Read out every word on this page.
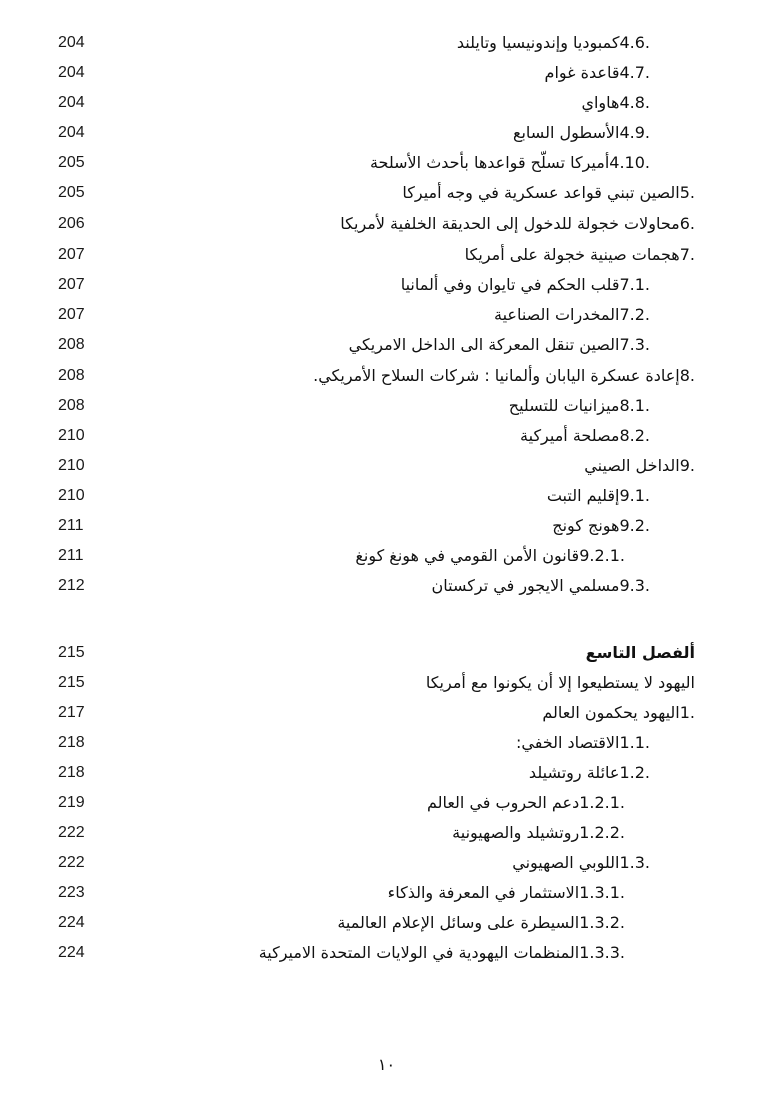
204	4.6.كمبوديا وإندونيسيا وتايلند
204	4.7.قاعدة غوام
204	4.8.هاواي
204	4.9.الأسطول السابع
205	4.10.أميركا تسلّح قواعدها بأحدث الأسلحة
205	5.الصين تبني قواعد عسكرية في وجه أميركا
206	6.محاولات خجولة للدخول إلى الحديقة الخلفية لأمريكا
207	7.هجمات صينية خجولة على أمريكا
207	7.1.قلب الحكم في تايوان وفي ألمانيا
207	7.2.المخدرات الصناعية
208	7.3.الصين تنقل المعركة الى الداخل الامريكي
208	8.إعادة عسكرة اليابان وألمانيا : شركات السلاح الأمريكي.
208	8.1.ميزانيات للتسليح
210	8.2.مصلحة أميركية
210	9.الداخل الصيني
210	9.1.إقليم التبت
211	9.2.هونج كونج
211	9.2.1.قانون الأمن القومي في هونغ كونغ
212	9.3.مسلمي الايجور في تركستان
215	ألفصل التاسع
215	اليهود لا يستطيعوا إلا أن يكونوا مع أمريكا
217	1.اليهود يحكمون العالم
218	1.1.الاقتصاد الخفي:
218	1.2.عائلة روتشيلد
219	1.2.1.دعم الحروب في العالم
222	1.2.2.روتشيلد والصهيونية
222	1.3.اللوبي الصهيوني
223	1.3.1.الاستثمار في المعرفة والذكاء
224	1.3.2.السيطرة على وسائل الإعلام العالمية
224	1.3.3.المنظمات اليهودية في الولايات المتحدة الاميركية
١٠
